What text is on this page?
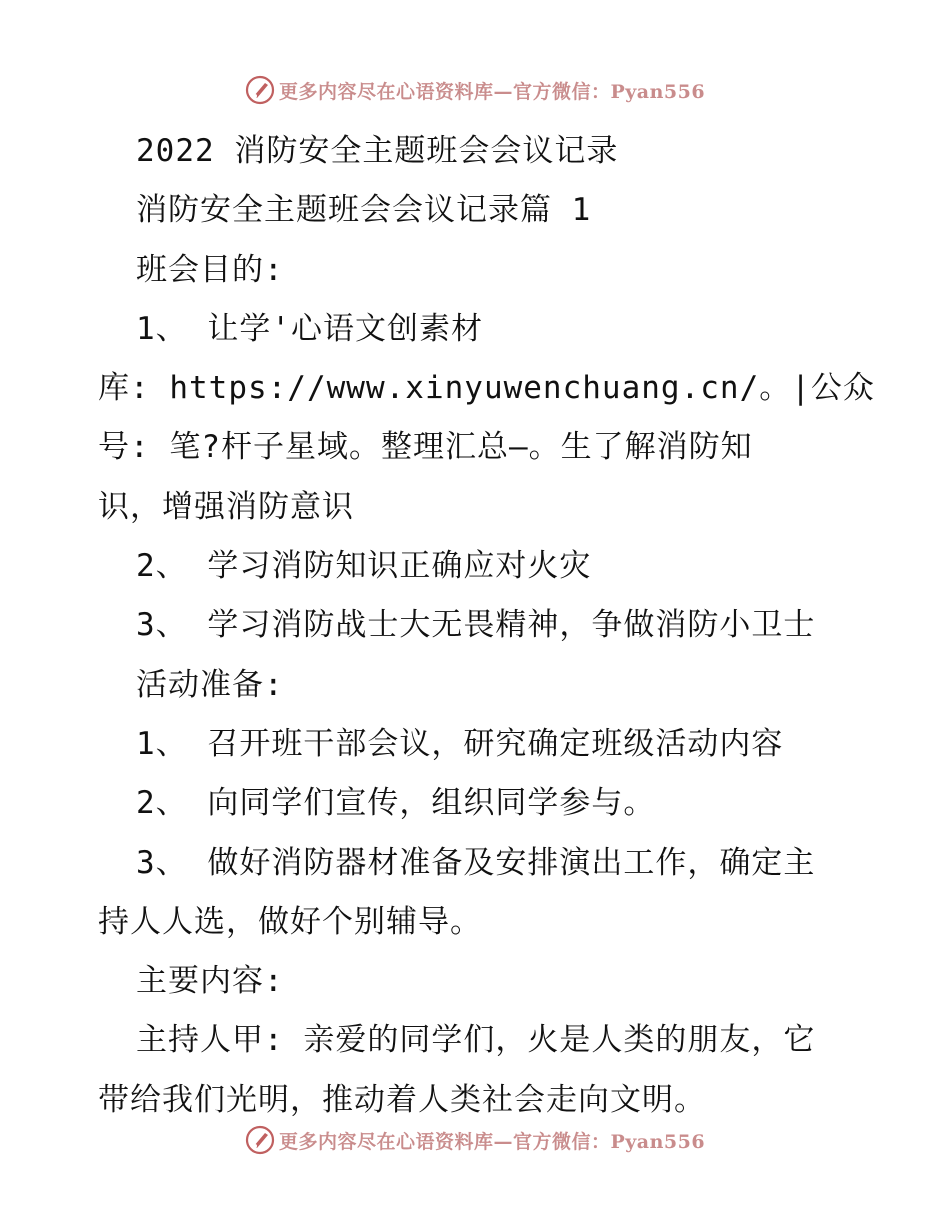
更多内容尽在心语资料库—官方微信：Pyan556
2022 消防安全主题班会会议记录
消防安全主题班会会议记录篇 1
班会目的:
1、 让学'心语文创素材
库: https://www.xinyuwenchuang.cn/。|公众
号: 笔?杆子星域。整理汇总—。生了解消防知
识，增强消防意识
2、 学习消防知识正确应对火灾
3、 学习消防战士大无畏精神，争做消防小卫士
活动准备:
1、 召开班干部会议，研究确定班级活动内容
2、 向同学们宣传，组织同学参与。
3、 做好消防器材准备及安排演出工作，确定主
持人人选，做好个别辅导。
主要内容:
主持人甲: 亲爱的同学们，火是人类的朋友，它
带给我们光明，推动着人类社会走向文明。
更多内容尽在心语资料库—官方微信：Pyan556
